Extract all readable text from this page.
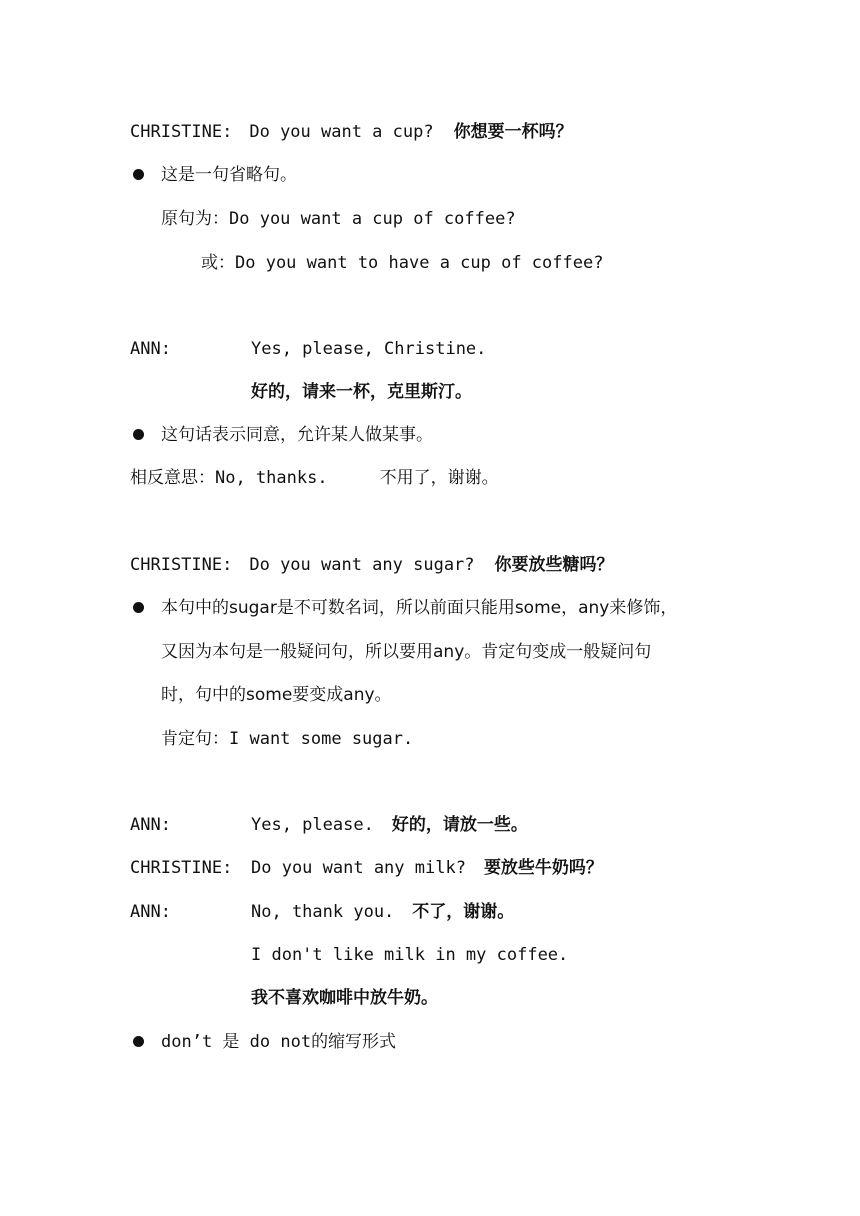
CHRISTINE: Do you want a cup? 你想要一杯吗？
这是一句省略句。
原句为：Do you want a cup of coffee?
或：Do you want to have a cup of coffee?
ANN:	Yes, please, Christine.
好的，请来一杯，克里斯汀。
这句话表示同意，允许某人做某事。
相反意思：No, thanks.	不用了，谢谢。
CHRISTINE: Do you want any sugar? 你要放些糖吗？
本句中的sugar是不可数名词，所以前面只能用some，any来修饰，
又因为本句是一般疑问句，所以要用any。肯定句变成一般疑问句
时，句中的some要变成any。
肯定句：I want some sugar.
ANN:	Yes, please. 好的，请放一些。
CHRISTINE: Do you want any milk? 要放些牛奶吗？
ANN:	No, thank you. 不了，谢谢。
I don't like milk in my coffee.
我不喜欢咖啡中放牛奶。
don’t 是 do not的缩写形式
